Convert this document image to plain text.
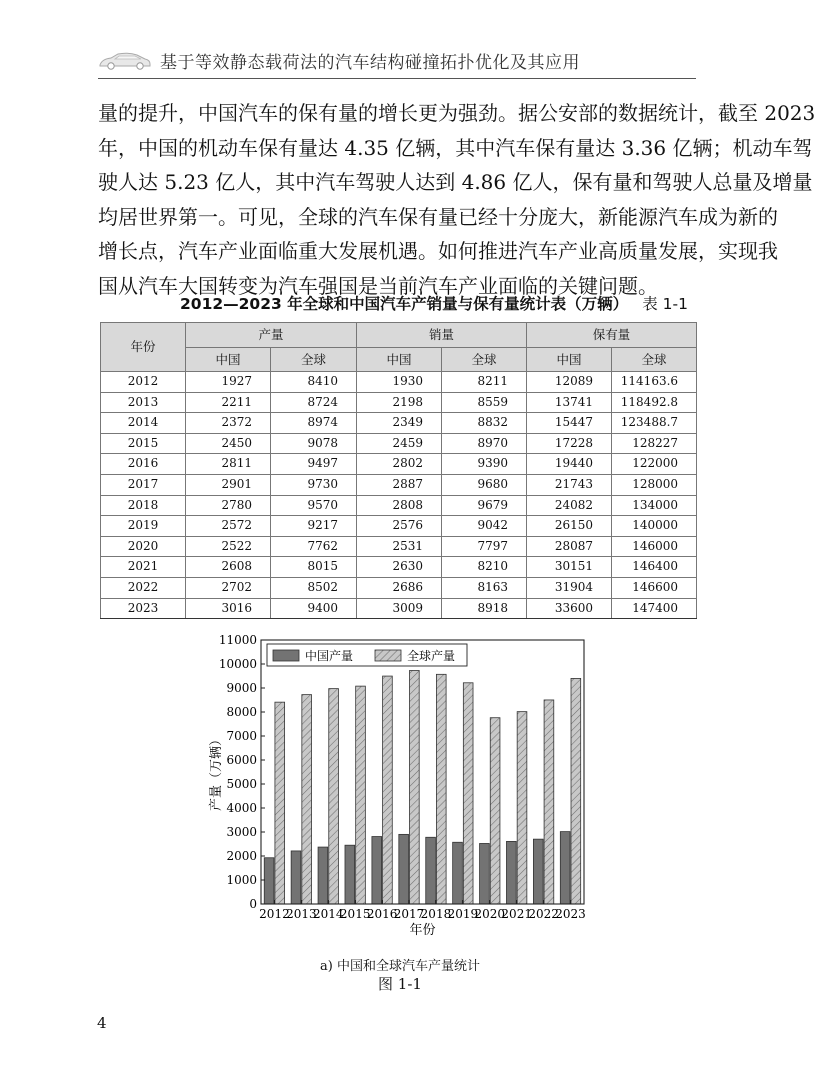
基于等效静态载荷法的汽车结构碰撞拓扑优化及其应用
量的提升，中国汽车的保有量的增长更为强劲。据公安部的数据统计，截至 2023
年，中国的机动车保有量达 4.35 亿辆，其中汽车保有量达 3.36 亿辆；机动车驾
驶人达 5.23 亿人，其中汽车驾驶人达到 4.86 亿人，保有量和驾驶人总量及增量
均居世界第一。可见，全球的汽车保有量已经十分庞大，新能源汽车成为新的
增长点，汽车产业面临重大发展机遇。如何推进汽车产业高质量发展，实现我
国从汽车大国转变为汽车强国是当前汽车产业面临的关键问题。
2012—2023 年全球和中国汽车产销量与保有量统计表（万辆） 表 1-1
年份	产量		销量		保有量	
	中国	全球	中国	全球	中国	全球
2012	1927	8410	1930	8211	12089	114163.6
2013	2211	8724	2198	8559	13741	118492.8
2014	2372	8974	2349	8832	15447	123488.7
2015	2450	9078	2459	8970	17228	128227
2016	2811	9497	2802	9390	19440	122000
2017	2901	9730	2887	9680	21743	128000
2018	2780	9570	2808	9679	24082	134000
2019	2572	9217	2576	9042	26150	140000
2020	2522	7762	2531	7797	28087	146000
2021	2608	8015	2630	8210	30151	146400
2022	2702	8502	2686	8163	31904	146600
2023	3016	9400	3009	8918	33600	147400
2012
2013
2014
2015
2016
2017
2018
2019
2020
2021
2022
2023
0
1000
2000
3000
4000
5000
6000
7000
8000
9000
10000
11000
年份
产量（万辆）
中国产量	全球产量
a) 中国和全球汽车产量统计
图 1-1
4
